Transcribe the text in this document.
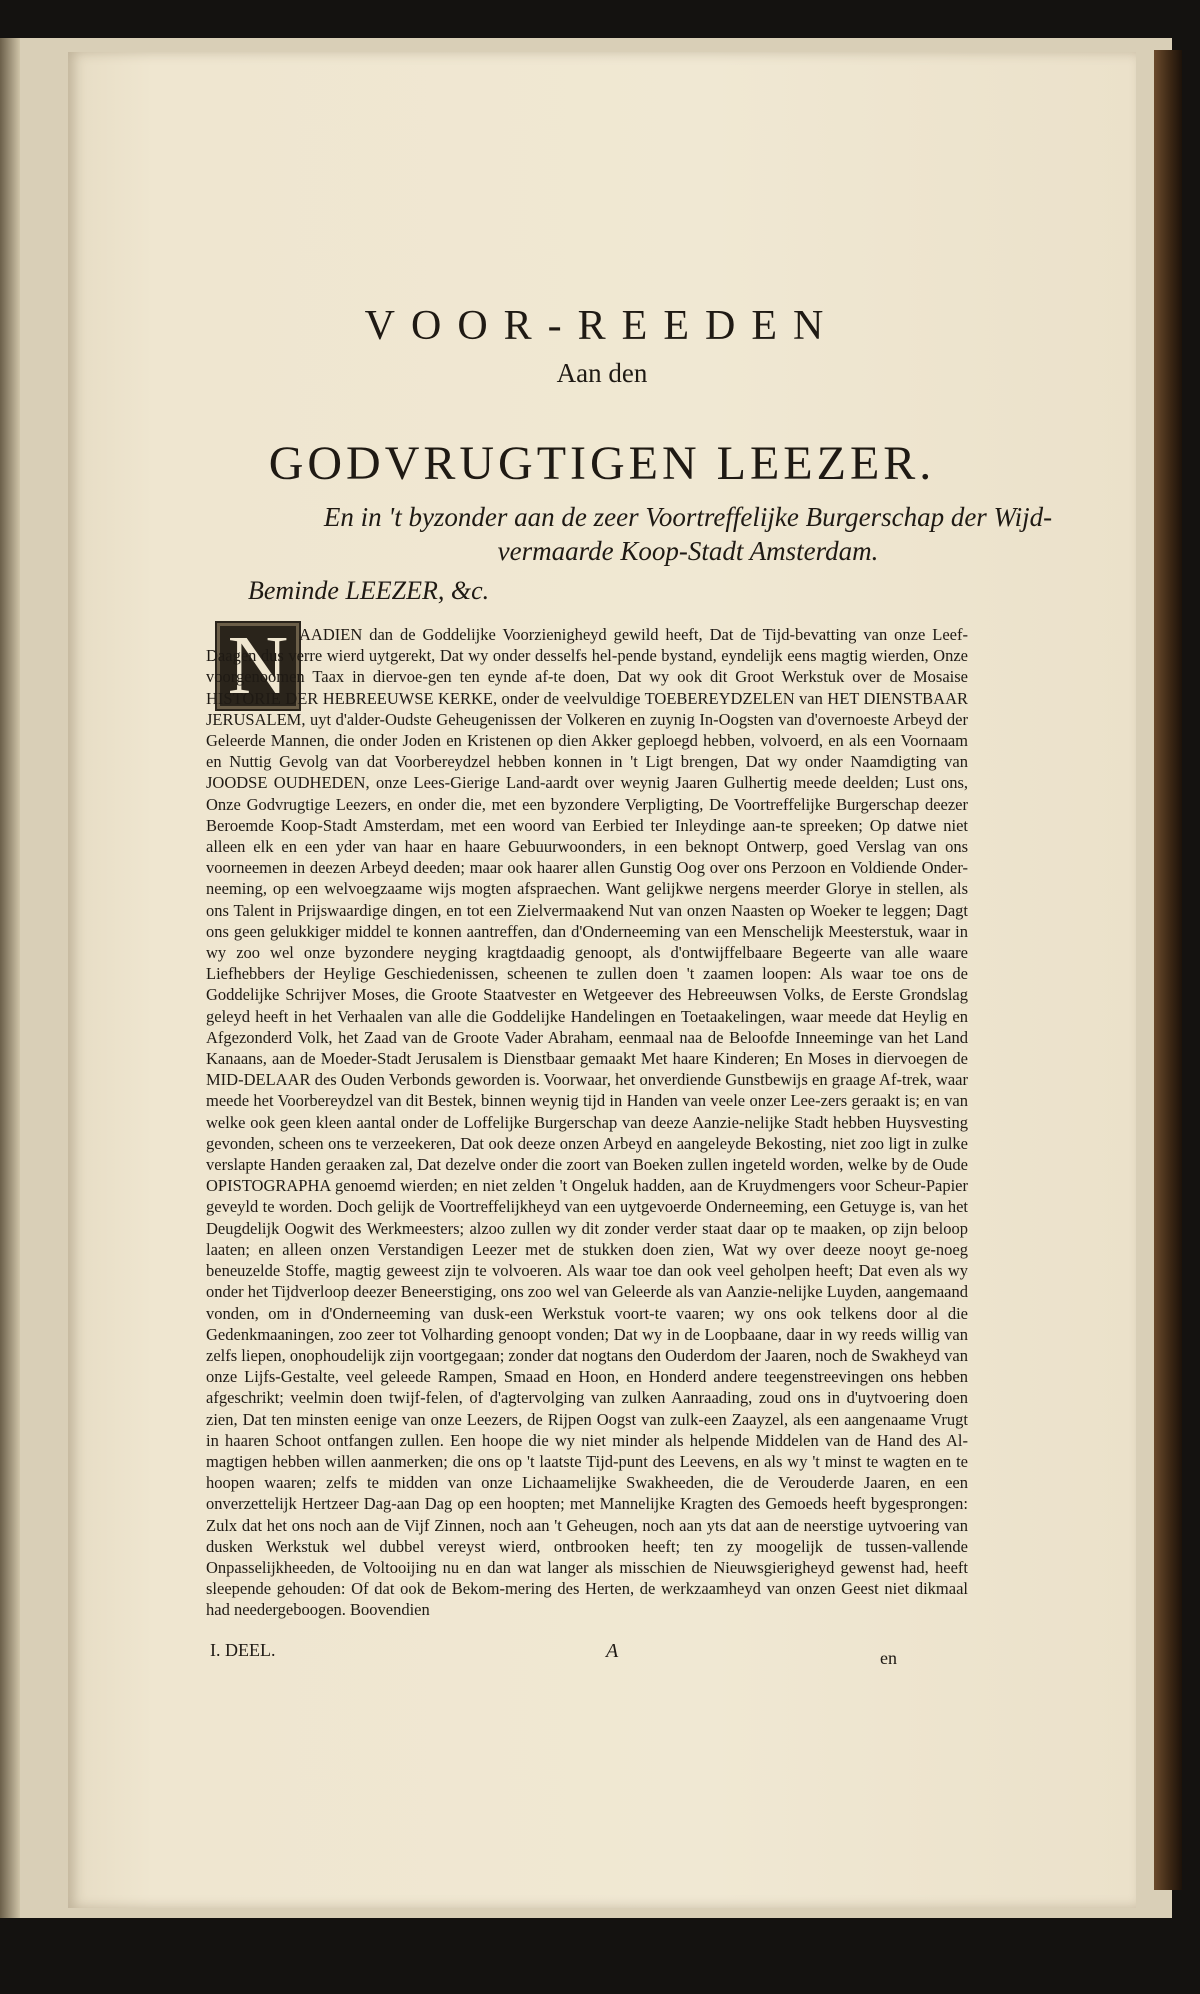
VOOR-REEDEN
Aan den
GODVRUGTIGEN LEEZER.
En in 't byzonder aan de zeer Voortreffelijke Burgerschap der Wijd-vermaarde Koop-Stadt Amsterdam.
Beminde LEEZER, &c.
N AADIEN dan de Goddelijke Voorzienigheyd gewild heeft, Dat de Tijd-bevatting van onze Leef-Daagen dus verre wierd uytgerekt, Dat wy onder desselfs hel-pende bystand, eyndelijk eens magtig wierden, Onze voorgenoomen Taax in diervoe-gen ten eynde af-te doen, Dat wy ook dit Groot Werkstuk over de Mosaise HISTORIE DER HEBREEUWSE KERKE, onder de veelvuldige TOEBEREYDZELEN van HET DIENSTBAAR JERUSALEM, uyt d'alder-Oudste Geheugenissen der Volkeren en zuynig In-Oogsten van d'overnoeste Arbeyd der Geleerde Mannen, die onder Joden en Kristenen op dien Akker geploegd hebben, volvoerd, en als een Voornaam en Nuttig Gevolg van dat Voorbereydzel hebben konnen in 't Ligt brengen, Dat wy onder Naamdigting van JOODSE OUDHEDEN, onze Lees-Gierige Land-aardt over weynig Jaaren Gulhertig meede deelden; Lust ons, Onze Godvrugtige Leezers, en onder die, met een byzondere Verpligting, De Voortreffelijke Burgerschap deezer Beroemde Koop-Stadt Amsterdam, met een woord van Eerbied ter Inleydinge aan-te spreeken; Op datwe niet alleen elk en een yder van haar en haare Gebuurwoonders, in een beknopt Ontwerp, goed Verslag van ons voorneemen in deezen Arbeyd deeden; maar ook haarer allen Gunstig Oog over ons Perzoon en Voldiende Onder-neeming, op een welvoegzaame wijs mogten afspraechen. Want gelijkwe nergens meerder Glorye in stellen, als ons Talent in Prijswaardige dingen, en tot een Zielvermaakend Nut van onzen Naasten op Woeker te leggen; Dagt ons geen gelukkiger middel te konnen aantreffen, dan d'Onderneeming van een Menschelijk Meesterstuk, waar in wy zoo wel onze byzondere neyging kragtdaadig genoopt, als d'ontwijffelbaare Begeerte van alle waare Liefhebbers der Heylige Geschiedenissen, scheenen te zullen doen 't zaamen loopen: Als waar toe ons de Goddelijke Schrijver Moses, die Groote Staatvester en Wetgeever des Hebreeuwsen Volks, de Eerste Grondslag geleyd heeft in het Verhaalen van alle die Goddelijke Handelingen en Toetaakelingen, waar meede dat Heylig en Afgezonderd Volk, het Zaad van de Groote Vader Abraham, eenmaal naa de Beloofde Inneeminge van het Land Kanaans, aan de Moeder-Stadt Jerusalem is Dienstbaar gemaakt Met haare Kinderen; En Moses in diervoegen de MID-DELAAR des Ouden Verbonds geworden is. Voorwaar, het onverdiende Gunstbewijs en graage Af-trek, waar meede het Voorbereydzel van dit Bestek, binnen weynig tijd in Handen van veele onzer Lee-zers geraakt is; en van welke ook geen kleen aantal onder de Loffelijke Burgerschap van deeze Aanzie-nelijke Stadt hebben Huysvesting gevonden, scheen ons te verzeekeren, Dat ook deeze onzen Arbeyd en aangeleyde Bekosting, niet zoo ligt in zulke verslapte Handen geraaken zal, Dat dezelve onder die zoort van Boeken zullen ingeteld worden, welke by de Oude OPISTOGRAPHA genoemd wierden; en niet zelden 't Ongeluk hadden, aan de Kruydmengers voor Scheur-Papier geveyld te worden. Doch gelijk de Voortreffelijkheyd van een uytgevoerde Onderneeming, een Getuyge is, van het Deugdelijk Oogwit des Werkmeesters; alzoo zullen wy dit zonder verder staat daar op te maaken, op zijn beloop laaten; en alleen onzen Verstandigen Leezer met de stukken doen zien, Wat wy over deeze nooyt ge-noeg beneuzelde Stoffe, magtig geweest zijn te volvoeren. Als waar toe dan ook veel geholpen heeft; Dat even als wy onder het Tijdverloop deezer Beneerstiging, ons zoo wel van Geleerde als van Aanzie-nelijke Luyden, aangemaand vonden, om in d'Onderneeming van dusk-een Werkstuk voort-te vaaren; wy ons ook telkens door al die Gedenkmaaningen, zoo zeer tot Volharding genoopt vonden; Dat wy in de Loopbaane, daar in wy reeds willig van zelfs liepen, onophoudelijk zijn voortgegaan; zonder dat nogtans den Ouderdom der Jaaren, noch de Swakheyd van onze Lijfs-Gestalte, veel geleede Rampen, Smaad en Hoon, en Honderd andere teegenstreevingen ons hebben afgeschrikt; veelmin doen twijf-felen, of d'agtervolging van zulken Aanraading, zoud ons in d'uytvoering doen zien, Dat ten minsten eenige van onze Leezers, de Rijpen Oogst van zulk-een Zaayzel, als een aangenaame Vrugt in haaren Schoot ontfangen zullen. Een hoope die wy niet minder als helpende Middelen van de Hand des Al-magtigen hebben willen aanmerken; die ons op 't laatste Tijd-punt des Leevens, en als wy 't minst te wagten en te hoopen waaren; zelfs te midden van onze Lichaamelijke Swakheeden, die de Verouderde Jaaren, en een onverzettelijk Hertzeer Dag-aan Dag op een hoopten; met Mannelijke Kragten des Gemoeds heeft bygesprongen: Zulx dat het ons noch aan de Vijf Zinnen, noch aan 't Geheugen, noch aan yts dat aan de neerstige uytvoering van dusken Werkstuk wel dubbel vereyst wierd, ontbrooken heeft; ten zy moogelijk de tussen-vallende Onpasselijkheeden, de Voltooijing nu en dan wat langer als misschien de Nieuwsgierigheyd gewenst had, heeft sleepende gehouden: Of dat ook de Bekom-mering des Herten, de werkzaamheyd van onzen Geest niet dikmaal had needergeboogen. Boovendien
I. DEEL.	A	en
